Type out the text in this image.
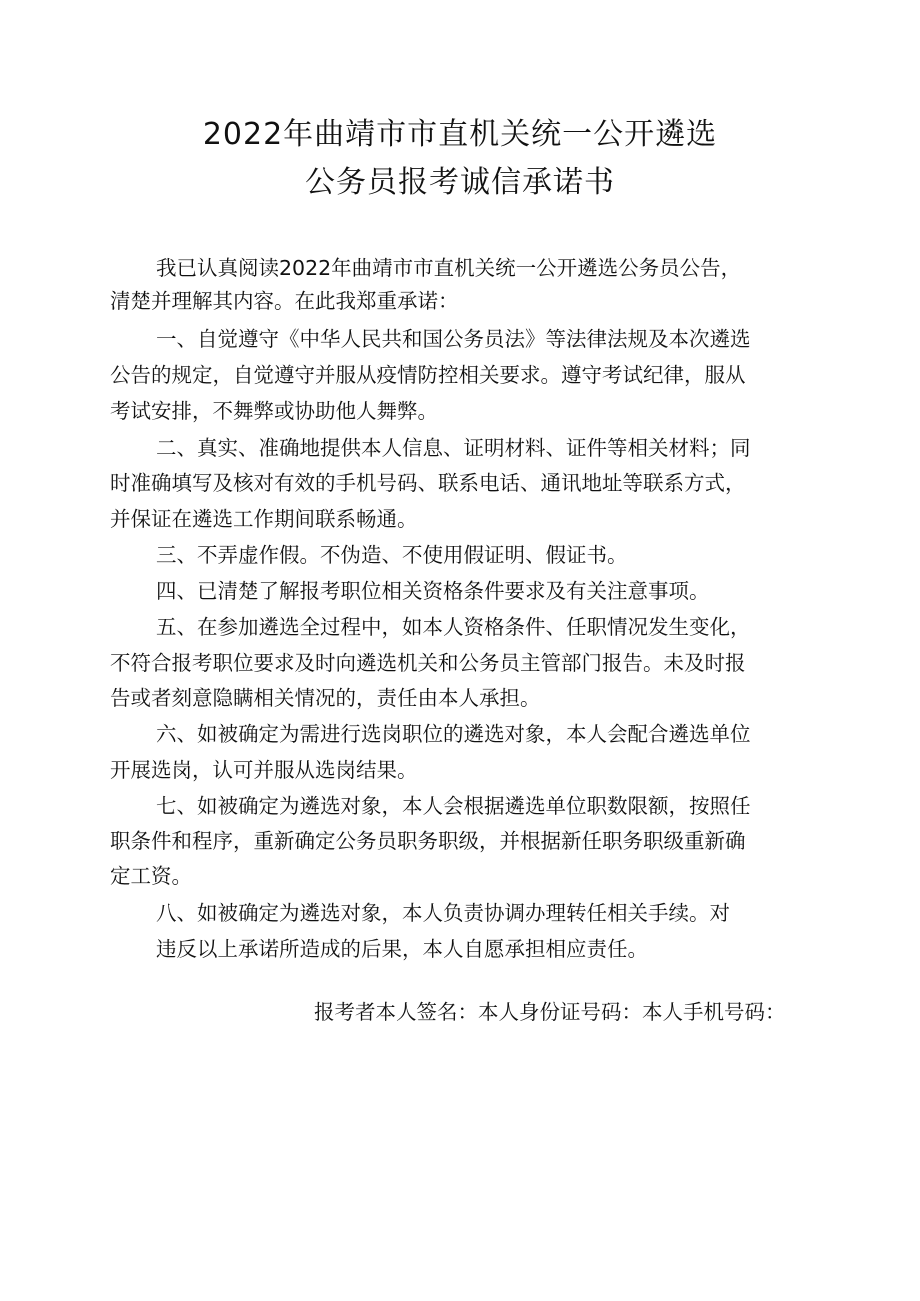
2022年曲靖市市直机关统一公开遴选
公务员报考诚信承诺书
我已认真阅读2022年曲靖市市直机关统一公开遴选公务员公告，
清楚并理解其内容。在此我郑重承诺：
一、自觉遵守《中华人民共和国公务员法》等法律法规及本次遴选
公告的规定，自觉遵守并服从疫情防控相关要求。遵守考试纪律，服从
考试安排，不舞弊或协助他人舞弊。
二、真实、准确地提供本人信息、证明材料、证件等相关材料；同
时准确填写及核对有效的手机号码、联系电话、通讯地址等联系方式，
并保证在遴选工作期间联系畅通。
三、不弄虚作假。不伪造、不使用假证明、假证书。
四、已清楚了解报考职位相关资格条件要求及有关注意事项。
五、在参加遴选全过程中，如本人资格条件、任职情况发生变化，
不符合报考职位要求及时向遴选机关和公务员主管部门报告。未及时报
告或者刻意隐瞒相关情况的，责任由本人承担。
六、如被确定为需进行选岗职位的遴选对象，本人会配合遴选单位
开展选岗，认可并服从选岗结果。
七、如被确定为遴选对象，本人会根据遴选单位职数限额，按照任
职条件和程序，重新确定公务员职务职级，并根据新任职务职级重新确
定工资。
八、如被确定为遴选对象，本人负责协调办理转任相关手续。对
违反以上承诺所造成的后果，本人自愿承担相应责任。
报考者本人签名：本人身份证号码：本人手机号码：
